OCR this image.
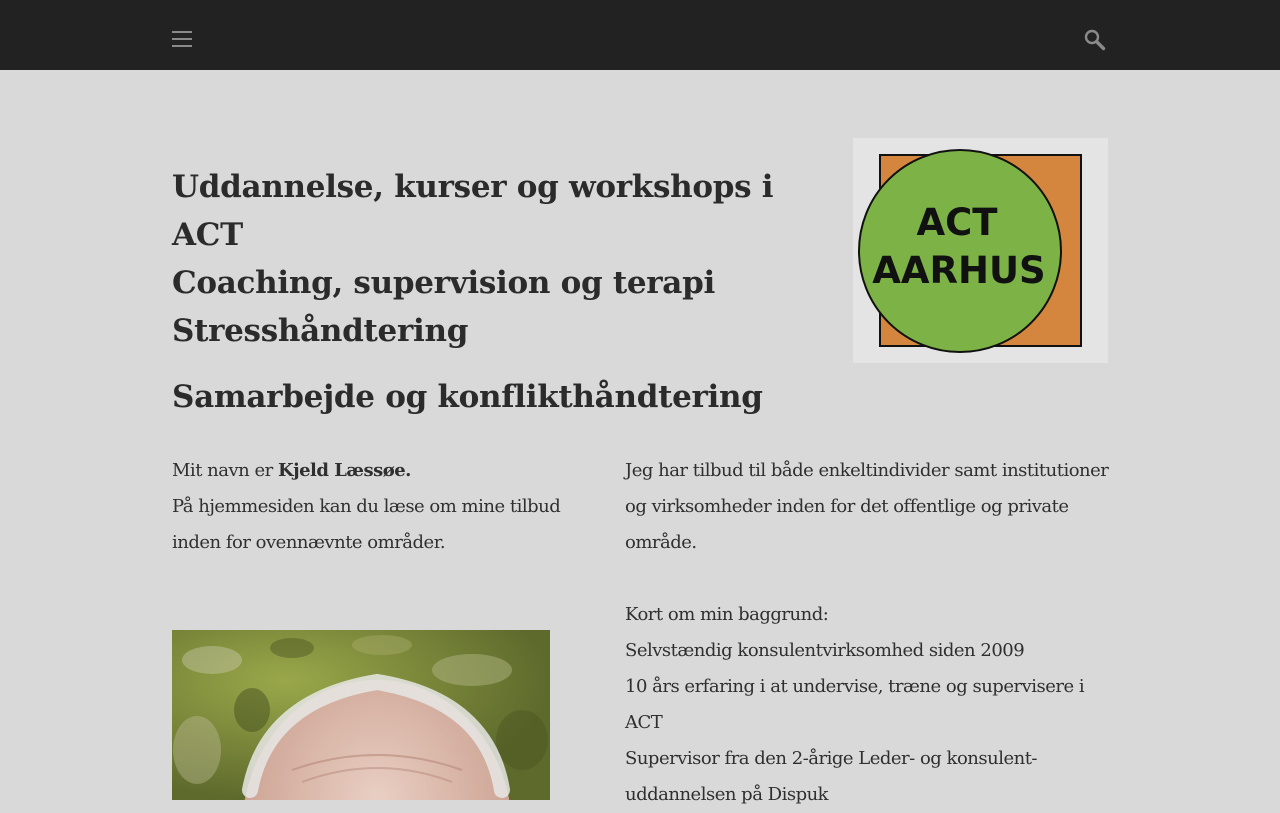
Uddannelse, kurser og workshops i
ACT
Coaching, supervision og terapi
Stresshåndtering
Samarbejde og konflikthåndtering
ACT
AARHUS
Mit navn er Kjeld Læssøe.
På hjemmesiden kan du læse om mine tilbud
inden for ovennævnte områder.
Jeg har tilbud til både enkeltindivider samt institutioner
og virksomheder inden for det offentlige og private
område.
Kort om min baggrund:
Selvstændig konsulentvirksomhed siden 2009
10 års erfaring i at undervise, træne og supervisere i
ACT
Supervisor fra den 2-årige Leder- og konsulent-
uddannelsen på Dispuk
